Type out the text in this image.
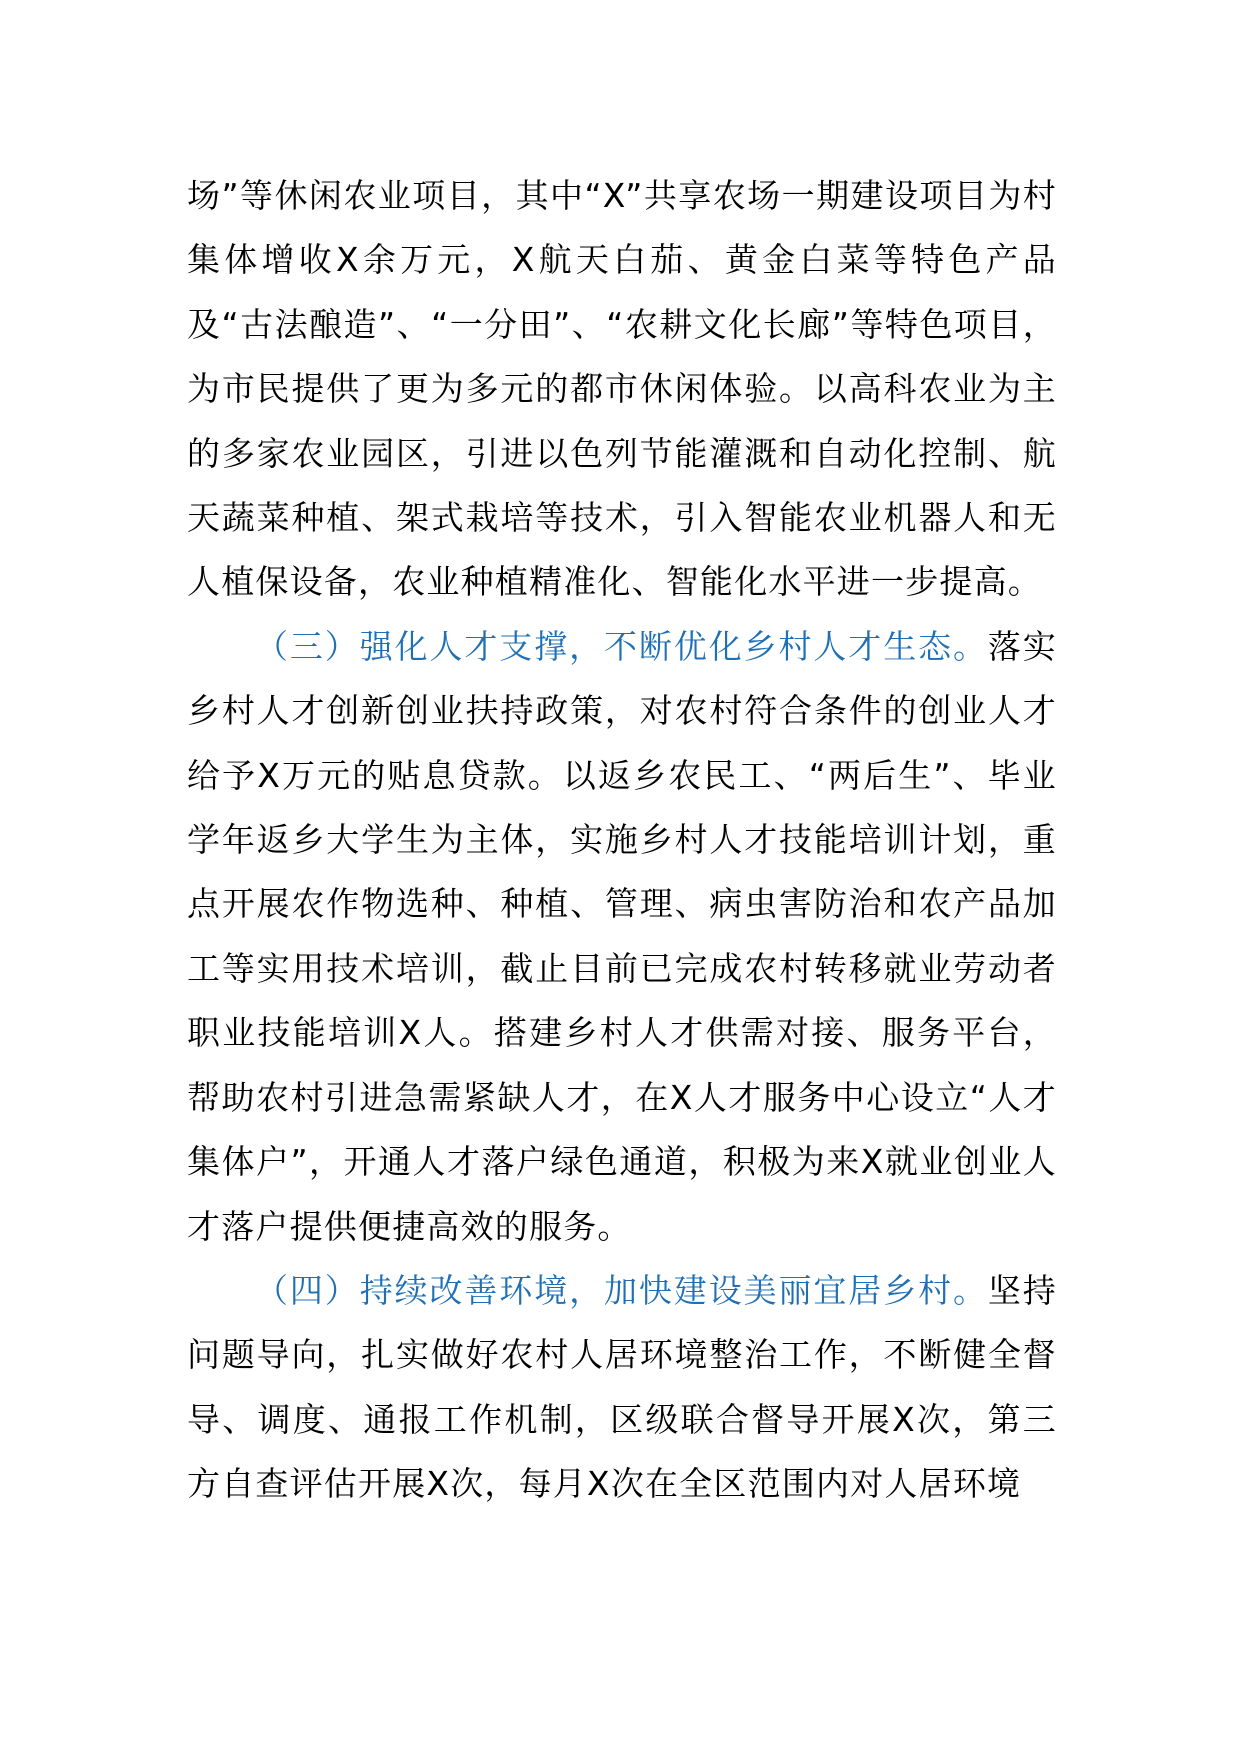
场”等休闲农业项目，其中“X”共享农场一期建设项目为村集体增收X余万元，X航天白茄、黄金白菜等特色产品及“古法酿造”、“一分田”、“农耕文化长廊”等特色项目，为市民提供了更为多元的都市休闲体验。以高科农业为主的多家农业园区，引进以色列节能灌溉和自动化控制、航天蔬菜种植、架式栽培等技术，引入智能农业机器人和无人植保设备，农业种植精准化、智能化水平进一步提高。

（三）强化人才支撑，不断优化乡村人才生态。落实乡村人才创新创业扶持政策，对农村符合条件的创业人才给予X万元的贴息贷款。以返乡农民工、“两后生”、毕业学年返乡大学生为主体，实施乡村人才技能培训计划，重点开展农作物选种、种植、管理、病虫害防治和农产品加工等实用技术培训，截止目前已完成农村转移就业劳动者职业技能培训X人。搭建乡村人才供需对接、服务平台，帮助农村引进急需紧缺人才，在X人才服务中心设立“人才集体户”，开通人才落户绿色通道，积极为来X就业创业人才落户提供便捷高效的服务。

（四）持续改善环境，加快建设美丽宜居乡村。坚持问题导向，扎实做好农村人居环境整治工作，不断健全督导、调度、通报工作机制，区级联合督导开展X次，第三方自查评估开展X次，每月X次在全区范围内对人居环境
